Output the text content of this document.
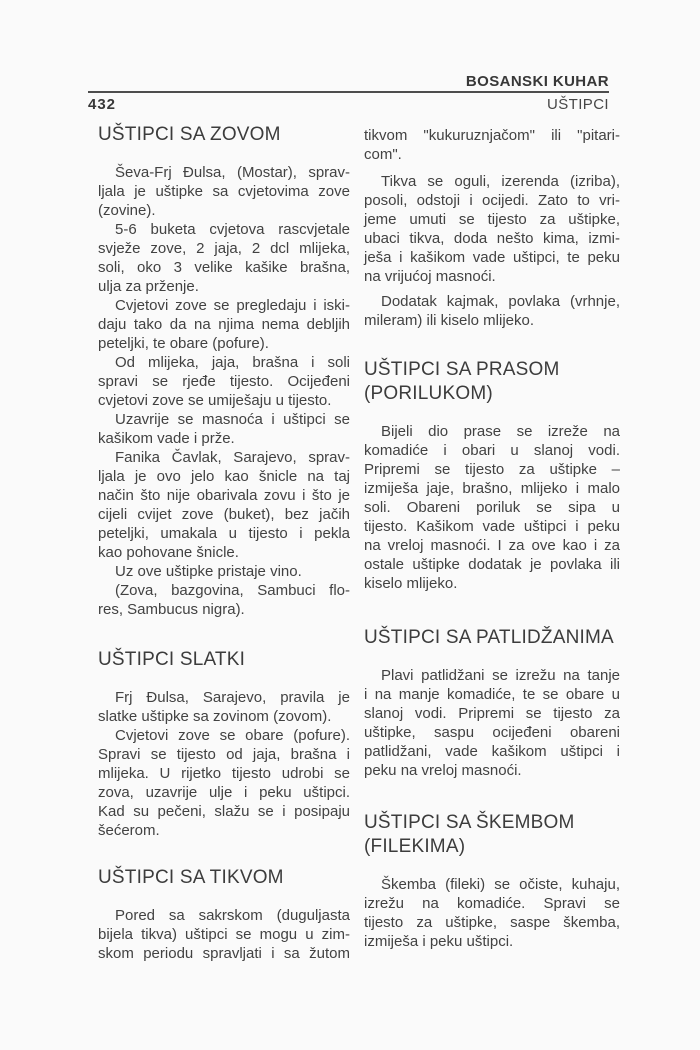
BOSANSKI KUHAR
432	UŠTIPCI
UŠTIPCI SA ZOVOM
Ševa-Frj Đulsa, (Mostar), sprav-
ljala je uštipke sa cvjetovima zove
(zovine).
5-6 buketa cvjetova rascvjetale
svježe zove, 2 jaja, 2 dcl mlijeka,
soli, oko 3 velike kašike brašna,
ulja za prženje.
Cvjetovi zove se pregledaju i iski-
daju tako da na njima nema debljih
peteljki, te obare (pofure).
Od mlijeka, jaja, brašna i soli
spravi se rjeđe tijesto. Ocijeđeni
cvjetovi zove se umiješaju u tijesto.
Uzavrije se masnoća i uštipci se
kašikom vade i prže.
Fanika Čavlak, Sarajevo, sprav-
ljala je ovo jelo kao šnicle na taj
način što nije obarivala zovu i što je
cijeli cvijet zove (buket), bez jačih
peteljki, umakala u tijesto i pekla
kao pohovane šnicle.
Uz ove uštipke pristaje vino.
(Zova, bazgovina, Sambuci flo-
res, Sambucus nigra).
UŠTIPCI SLATKI
Frj Đulsa, Sarajevo, pravila je
slatke uštipke sa zovinom (zovom).
Cvjetovi zove se obare (pofure).
Spravi se tijesto od jaja, brašna i
mlijeka. U rijetko tijesto udrobi se
zova, uzavrije ulje i peku uštipci.
Kad su pečeni, slažu se i posipaju
šećerom.
UŠTIPCI SA TIKVOM
Pored sa sakrskom (duguljasta
bijela tikva) uštipci se mogu u zim-
skom periodu spravljati i sa žutom
tikvom "kukuruznjačom" ili "pitari-
com".
Tikva se oguli, izerenda (izriba),
posoli, odstoji i ocijedi. Zato to vri-
jeme umuti se tijesto za uštipke,
ubaci tikva, doda nešto kima, izmi-
ješa i kašikom vade uštipci, te peku
na vrijućoj masnoći.
Dodatak kajmak, povlaka (vrhnje,
mileram) ili kiselo mlijeko.
UŠTIPCI SA PRASOM
(PORILUKOM)
Bijeli dio prase se izreže na
komadiće i obari u slanoj vodi.
Pripremi se tijesto za uštipke –
izmiješa jaje, brašno, mlijeko i malo
soli. Obareni poriluk se sipa u
tijesto. Kašikom vade uštipci i peku
na vreloj masnoći. I za ove kao i za
ostale uštipke dodatak je povlaka ili
kiselo mlijeko.
UŠTIPCI SA PATLIDŽANIMA
Plavi patlidžani se izrežu na tanje
i na manje komadiće, te se obare u
slanoj vodi. Pripremi se tijesto za
uštipke, saspu ocijeđeni obareni
patlidžani, vade kašikom uštipci i
peku na vreloj masnoći.
UŠTIPCI SA ŠKEMBOM
(FILEKIMA)
Škemba (fileki) se očiste, kuhaju,
izrežu na komadiće. Spravi se
tijesto za uštipke, saspe škemba,
izmiješa i peku uštipci.
